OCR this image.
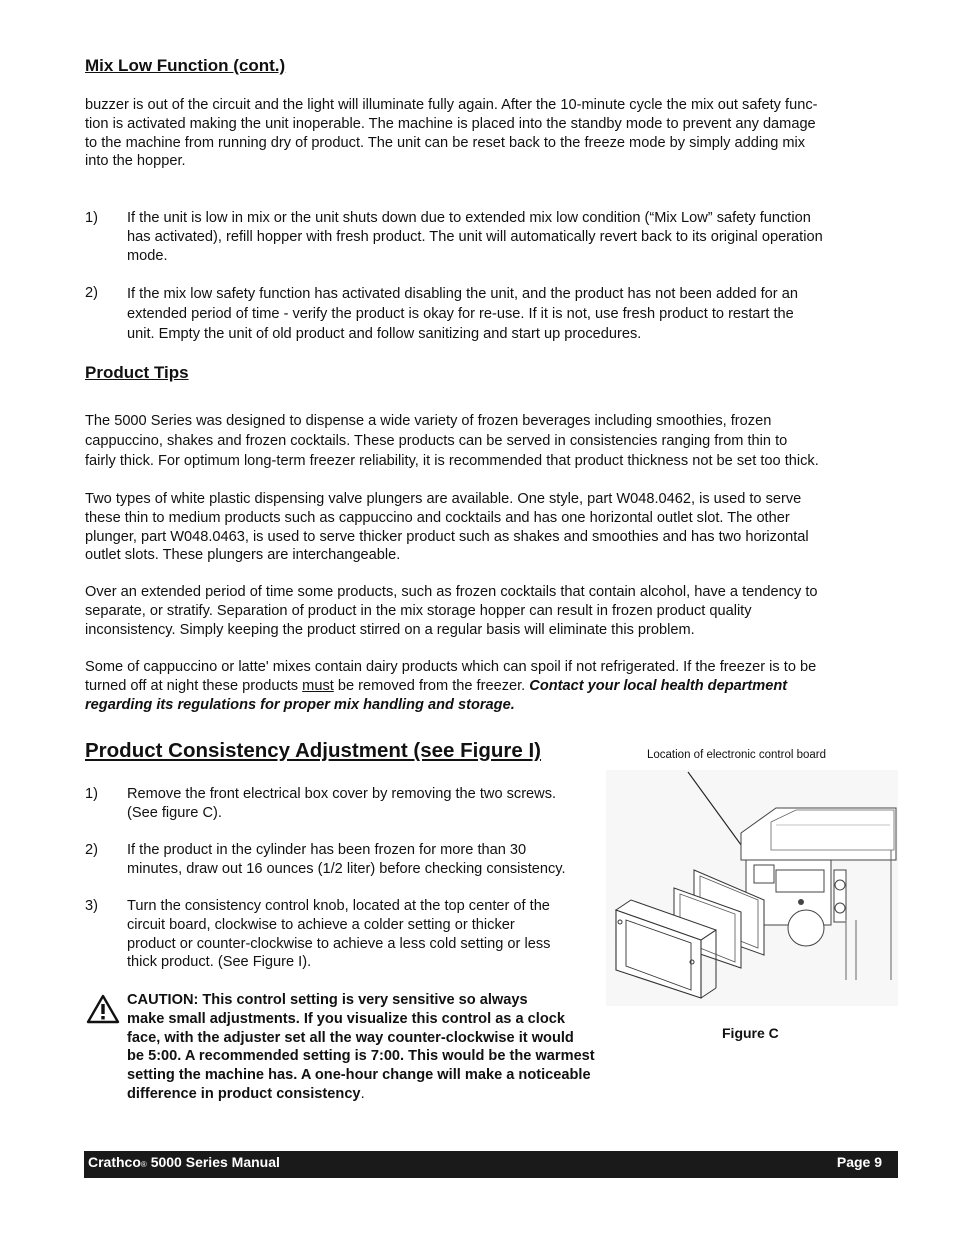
Mix Low Function (cont.)
buzzer is out of the circuit and the light will illuminate fully again. After the 10-minute cycle the mix out safety func-
tion is activated making the unit inoperable. The machine is placed into the standby mode to prevent any damage
to the machine from running dry of product. The unit can be reset back to the freeze mode by simply adding mix
into the hopper.
1) If the unit is low in mix or the unit shuts down due to extended mix low condition (“Mix Low” safety function
has activated), refill hopper with fresh product. The unit will automatically revert back to its original operation
mode.
2) If the mix low safety function has activated disabling the unit, and the product has not been added for an
extended period of time - verify the product is okay for re-use. If it is not, use fresh product to restart the
unit. Empty the unit of old product and follow sanitizing and start up procedures.
Product Tips
The 5000 Series was designed to dispense a wide variety of frozen beverages including smoothies, frozen
cappuccino, shakes and frozen cocktails. These products can be served in consistencies ranging from thin to
fairly thick. For optimum long-term freezer reliability, it is recommended that product thickness not be set too thick.
Two types of white plastic dispensing valve plungers are available. One style, part W048.0462, is used to serve
these thin to medium products such as cappuccino and cocktails and has one horizontal outlet slot. The other
plunger, part W048.0463, is used to serve thicker product such as shakes and smoothies and has two horizontal
outlet slots. These plungers are interchangeable.
Over an extended period of time some products, such as frozen cocktails that contain alcohol, have a tendency to
separate, or stratify. Separation of product in the mix storage hopper can result in frozen product quality
inconsistency. Simply keeping the product stirred on a regular basis will eliminate this problem.
Some of cappuccino or latte' mixes contain dairy products which can spoil if not refrigerated. If the freezer is to be
turned off at night these products must be removed from the freezer. Contact your local health department
regarding its regulations for proper mix handling and storage.
Product Consistency Adjustment (see Figure I)
1) Remove the front electrical box cover by removing the two screws.
(See figure C).
2) If the product in the cylinder has been frozen for more than 30
minutes, draw out 16 ounces (1/2 liter) before checking consistency.
3) Turn the consistency control knob, located at the top center of the
circuit board, clockwise to achieve a colder setting or thicker
product or counter-clockwise to achieve a less cold setting or less
thick product. (See Figure I).
CAUTION: This control setting is very sensitive so always
make small adjustments. If you visualize this control as a clock
face, with the adjuster set all the way counter-clockwise it would
be 5:00. A recommended setting is 7:00. This would be the warmest
setting the machine has. A one-hour change will make a noticeable
difference in product consistency.
Location of electronic control board
Figure C
Crathco® 5000 Series Manual	Page 9
